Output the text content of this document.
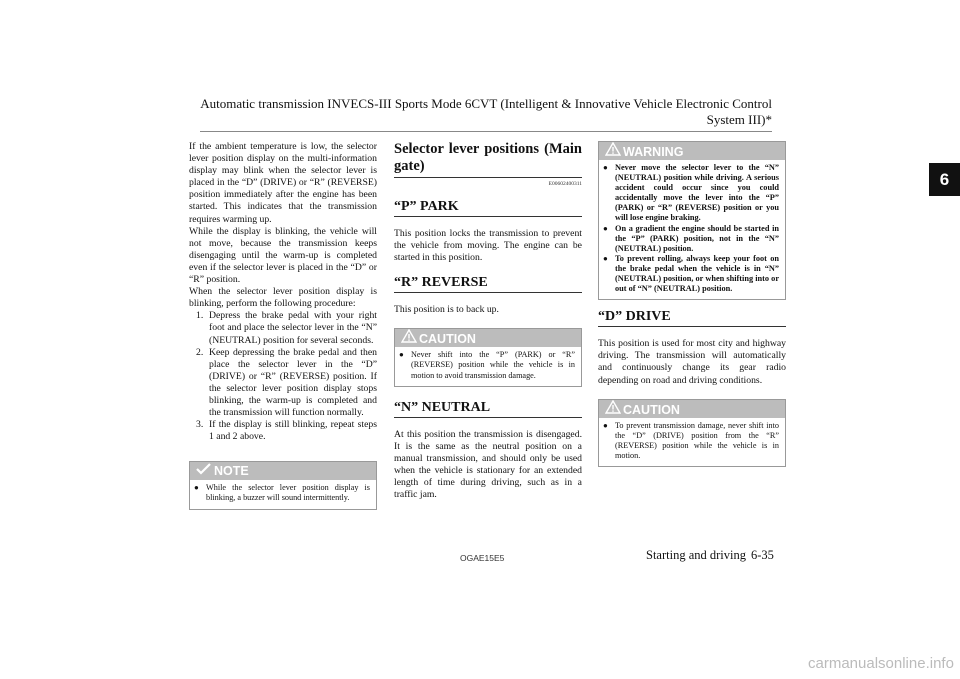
Automatic transmission INVECS-III Sports Mode 6CVT (Intelligent & Innovative Vehicle Electronic Control System III)*
6

If the ambient temperature is low, the selector lever position display on the multi-information display may blink when the selector lever is placed in the “D” (DRIVE) or “R” (REVERSE) position immediately after the engine has been started. This indicates that the transmission requires warming up.

While the display is blinking, the vehicle will not move, because the transmission keeps disengaging until the warm-up is completed even if the selector lever is placed in the “D” or “R” position.

When the selector lever position display is blinking, perform the following procedure:

1. Depress the brake pedal with your right foot and place the selector lever in the “N” (NEUTRAL) position for several seconds.
2. Keep depressing the brake pedal and then place the selector lever in the “D” (DRIVE) or “R” (REVERSE) position. If the selector lever position display stops blinking, the warm-up is completed and the transmission will function normally.
3. If the display is still blinking, repeat steps 1 and 2 above.
NOTE
● While the selector lever position display is blinking, a buzzer will sound intermittently.
Selector lever positions (Main gate)
E00602400311
“P” PARK

This position locks the transmission to prevent the vehicle from moving. The engine can be started in this position.

“R” REVERSE

This position is to back up.

CAUTION
● Never shift into the “P” (PARK) or “R” (REVERSE) position while the vehicle is in motion to avoid transmission damage.
“N” NEUTRAL

At this position the transmission is disengaged. It is the same as the neutral position on a manual transmission, and should only be used when the vehicle is stationary for an extended length of time during driving, such as in a traffic jam.

WARNING
● Never move the selector lever to the “N” (NEUTRAL) position while driving. A serious accident could occur since you could accidentally move the lever into the “P” (PARK) or “R” (REVERSE) position or you will lose engine braking.
● On a gradient the engine should be started in the “P” (PARK) position, not in the “N” (NEUTRAL) position.
● To prevent rolling, always keep your foot on the brake pedal when the vehicle is in “N” (NEUTRAL) position, or when shifting into or out of “N” (NEUTRAL) position.
“D” DRIVE

This position is used for most city and highway driving. The transmission will automatically and continuously change its gear radio depending on road and driving conditions.

CAUTION
● To prevent transmission damage, never shift into the “D” (DRIVE) position from the “R” (REVERSE) position while the vehicle is in motion.
OGAE15E5	Starting and driving 6-35
carmanualsonline.info
